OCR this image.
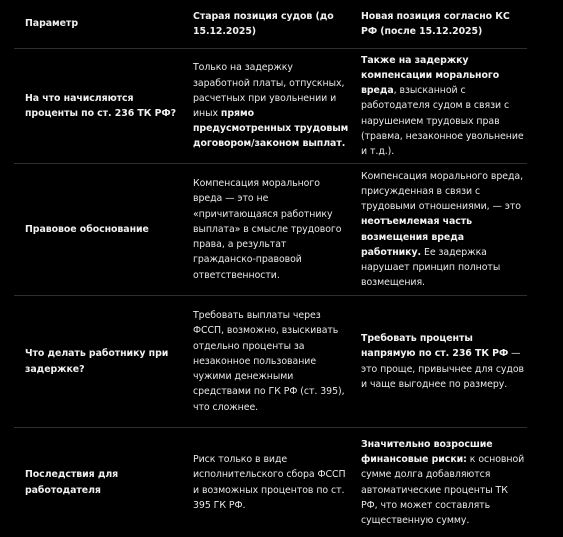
Параметр
Старая позиция судов (до 15.12.2025)
Новая позиция согласно КС РФ (после 15.12.2025)
На что начисляются проценты по ст. 236 ТК РФ?
Только на задержку заработной платы, отпускных, расчетных при увольнении и иных прямо предусмотренных трудовым договором/законом выплат.
Также на задержку компенсации морального вреда, взысканной с работодателя судом в связи с нарушением трудовых прав (травма, незаконное увольнение и т.д.).
Правовое обоснование
Компенсация морального вреда — это не «причитающаяся работнику выплата» в смысле трудового права, а результат гражданско-правовой ответственности.
Компенсация морального вреда, присужденная в связи с трудовыми отношениями, — это неотъемлемая часть возмещения вреда работнику. Ее задержка нарушает принцип полноты возмещения.
Что делать работнику при задержке?
Требовать выплаты через ФССП, возможно, взыскивать отдельно проценты за незаконное пользование чужими денежными средствами по ГК РФ (ст. 395), что сложнее.
Требовать проценты напрямую по ст. 236 ТК РФ — это проще, привычнее для судов и чаще выгоднее по размеру.
Последствия для работодателя
Риск только в виде исполнительского сбора ФССП и возможных процентов по ст. 395 ГК РФ.
Значительно возросшие финансовые риски: к основной сумме долга добавляются автоматические проценты ТК РФ, что может составлять существенную сумму.
